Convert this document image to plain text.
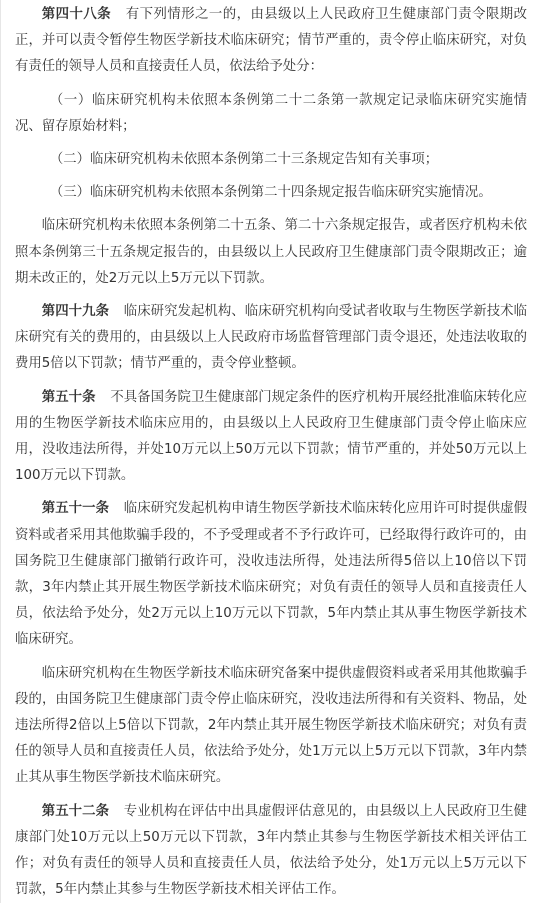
第四十八条 有下列情形之一的，由县级以上人民政府卫生健康部门责令限期改正，并可以责令暂停生物医学新技术临床研究；情节严重的，责令停止临床研究，对负有责任的领导人员和直接责任人员，依法给予处分：

（一）临床研究机构未依照本条例第二十二条第一款规定记录临床研究实施情况、留存原始材料；

（二）临床研究机构未依照本条例第二十三条规定告知有关事项；

（三）临床研究机构未依照本条例第二十四条规定报告临床研究实施情况。

临床研究机构未依照本条例第二十五条、第二十六条规定报告，或者医疗机构未依照本条例第三十五条规定报告的，由县级以上人民政府卫生健康部门责令限期改正；逾期未改正的，处2万元以上5万元以下罚款。

第四十九条 临床研究发起机构、临床研究机构向受试者收取与生物医学新技术临床研究有关的费用的，由县级以上人民政府市场监督管理部门责令退还，处违法收取的费用5倍以下罚款；情节严重的，责令停业整顿。

第五十条 不具备国务院卫生健康部门规定条件的医疗机构开展经批准临床转化应用的生物医学新技术临床应用的，由县级以上人民政府卫生健康部门责令停止临床应用，没收违法所得，并处10万元以上50万元以下罚款；情节严重的，并处50万元以上100万元以下罚款。

第五十一条 临床研究发起机构申请生物医学新技术临床转化应用许可时提供虚假资料或者采用其他欺骗手段的，不予受理或者不予行政许可，已经取得行政许可的，由国务院卫生健康部门撤销行政许可，没收违法所得，处违法所得5倍以上10倍以下罚款，3年内禁止其开展生物医学新技术临床研究；对负有责任的领导人员和直接责任人员，依法给予处分，处2万元以上10万元以下罚款，5年内禁止其从事生物医学新技术临床研究。

临床研究机构在生物医学新技术临床研究备案中提供虚假资料或者采用其他欺骗手段的，由国务院卫生健康部门责令停止临床研究，没收违法所得和有关资料、物品，处违法所得2倍以上5倍以下罚款，2年内禁止其开展生物医学新技术临床研究；对负有责任的领导人员和直接责任人员，依法给予处分，处1万元以上5万元以下罚款，3年内禁止其从事生物医学新技术临床研究。

第五十二条 专业机构在评估中出具虚假评估意见的，由县级以上人民政府卫生健康部门处10万元以上50万元以下罚款，3年内禁止其参与生物医学新技术相关评估工作；对负有责任的领导人员和直接责任人员，依法给予处分，处1万元以上5万元以下罚款，5年内禁止其参与生物医学新技术相关评估工作。
